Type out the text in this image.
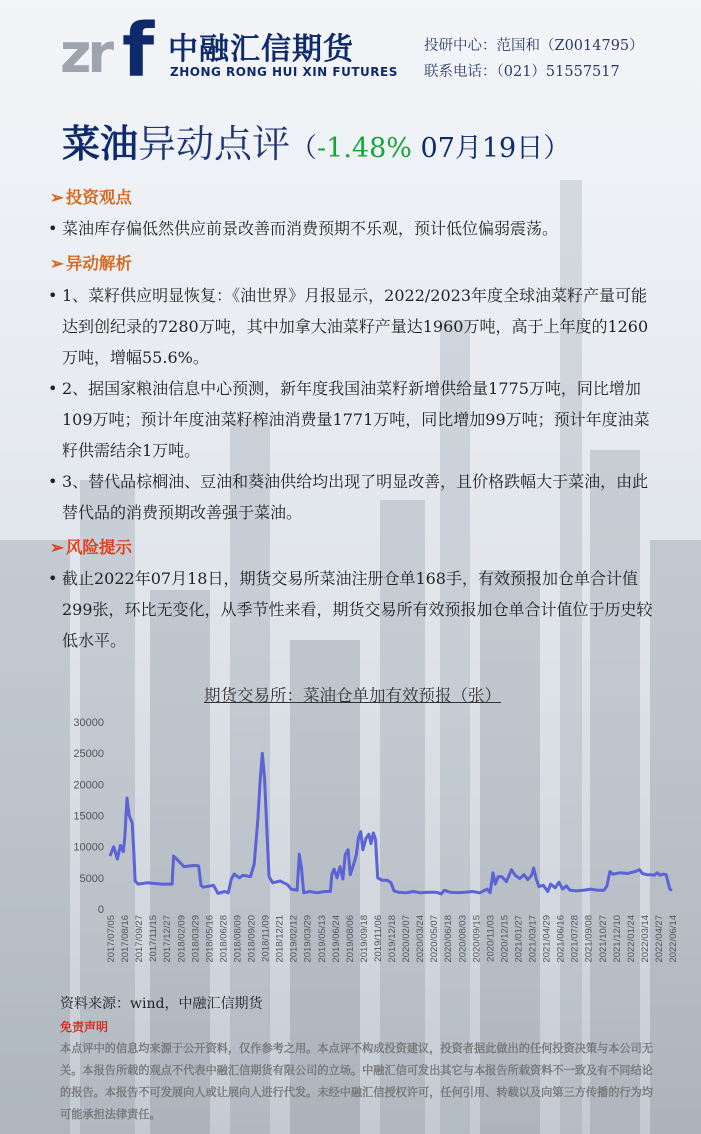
zr f 中融汇信期货
ZHONG RONG HUI XIN FUTURES
投研中心：范国和（Z0014795）
联系电话：（021）51557517
菜油异动点评（-1.48% 07月19日）
➢ 投资观点
• 菜油库存偏低然供应前景改善而消费预期不乐观，预计低位偏弱震荡。
➢ 异动解析
• 1、菜籽供应明显恢复：《油世界》月报显示，2022/2023年度全球油菜籽产量可能达到创纪录的7280万吨，其中加拿大油菜籽产量达1960万吨，高于上年度的1260万吨，增幅55.6%。
• 2、据国家粮油信息中心预测，新年度我国油菜籽新增供给量1775万吨，同比增加109万吨；预计年度油菜籽榨油消费量1771万吨，同比增加99万吨；预计年度油菜籽供需结余1万吨。
• 3、替代品棕榈油、豆油和葵油供给均出现了明显改善，且价格跌幅大于菜油，由此替代品的消费预期改善强于菜油。
➢ 风险提示
• 截止2022年07月18日，期货交易所菜油注册仓单168手，有效预报加仓单合计值299张，环比无变化，从季节性来看，期货交易所有效预报加仓单合计值位于历史较低水平。
期货交易所：菜油仓单加有效预报（张）
0
5000
10000
15000
20000
25000
30000
2017/07/05 2017/08/16 2017/09/27 2017/11/15 2017/12/27 2018/02/09 2018/03/29 2018/05/16 2018/06/28 2018/08/09 2018/09/20 2018/11/09 2018/12/21 2019/02/12 2019/03/29 2019/05/13 2019/06/24 2019/08/06 2019/09/18 2019/11/06 2019/12/18 2020/02/07 2020/03/24 2020/05/07 2020/06/18 2020/08/03 2020/09/15 2020/11/03 2020/12/15 2021/01/27 2021/03/17 2021/04/29 2021/06/16 2021/07/28 2021/09/08 2021/10/27 2021/12/10 2022/01/24 2022/03/14 2022/04/27 2022/06/14
资料来源：wind，中融汇信期货
免责声明
本点评中的信息均来源于公开资料，仅作参考之用。本点评不构成投资建议，投资者据此做出的任何投资决策与本公司无关。本报告所载的观点不代表中融汇信期货有限公司的立场。中融汇信可发出其它与本报告所载资料不一致及有不同结论的报告。本报告不可发展向人或让展向人进行代发。未经中融汇信授权许可，任何引用、转载以及向第三方传播的行为均可能承担法律责任。
